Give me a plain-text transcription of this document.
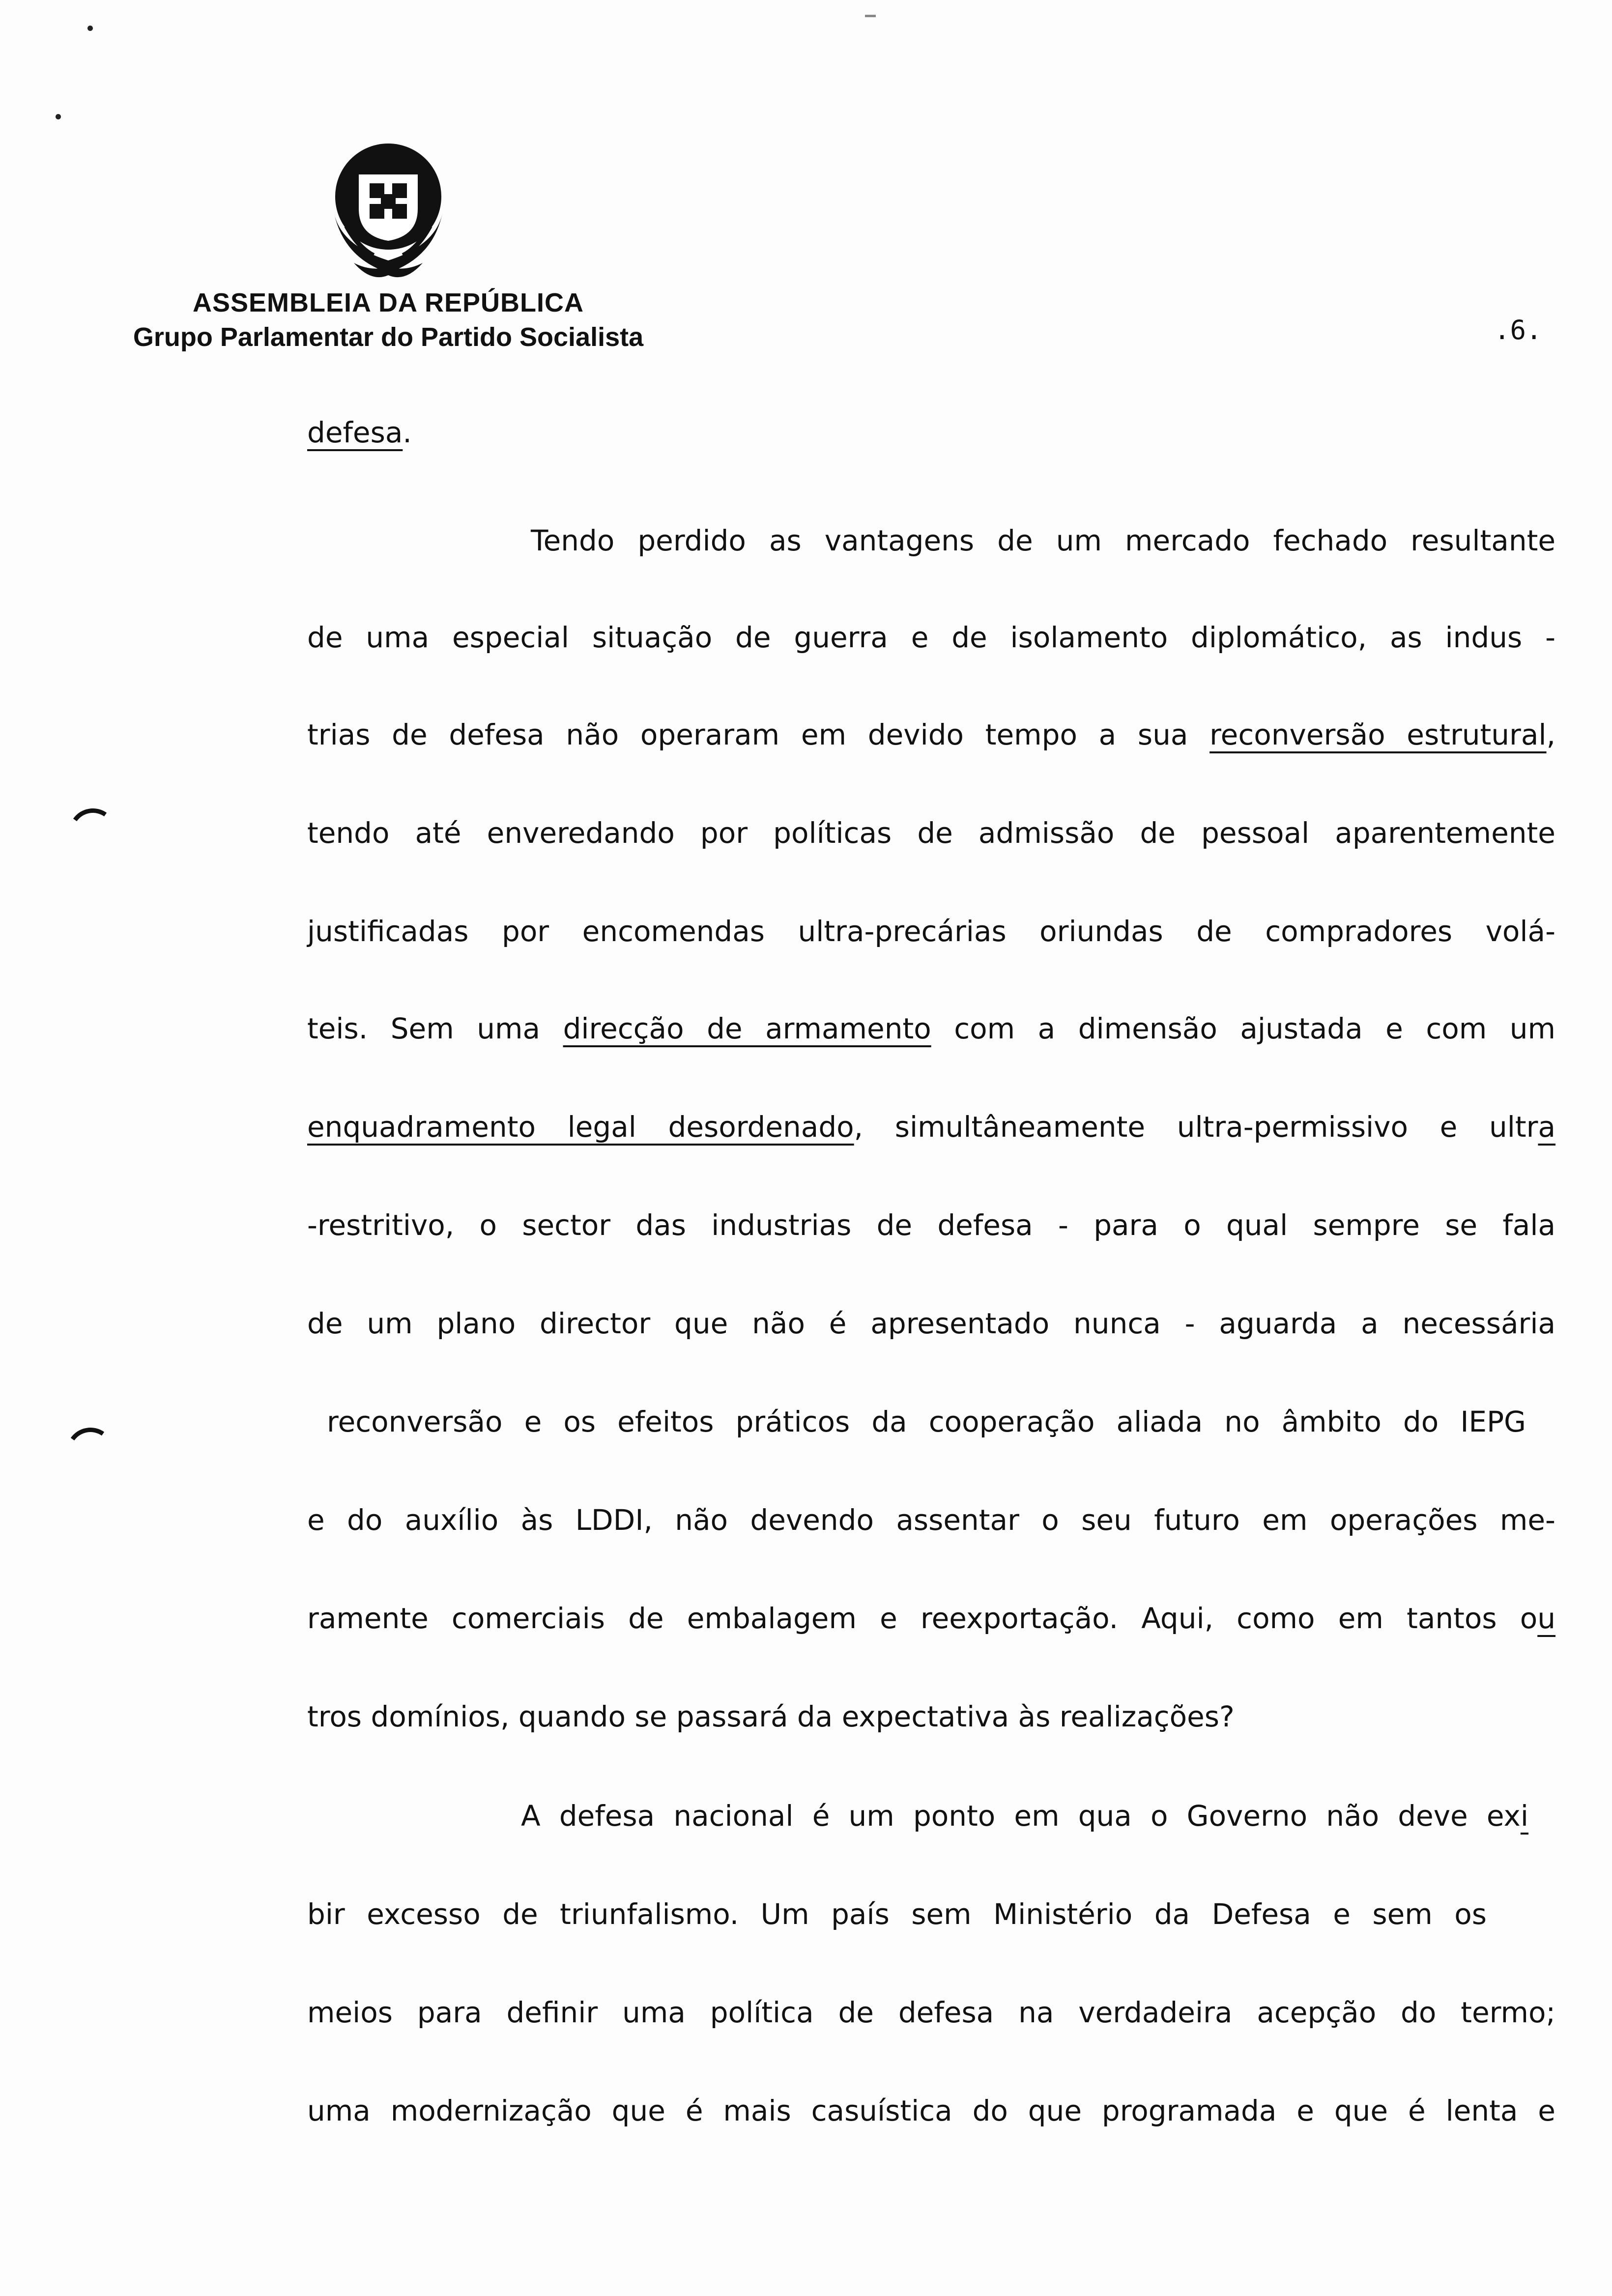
ASSEMBLEIA DA REPÚBLICA
Grupo Parlamentar do Partido Socialista	.6.
defesa.
Tendo perdido as vantagens de um mercado fechado resultante
de uma especial situação de guerra e de isolamento diplomático, as indus -
trias de defesa não operaram em devido tempo a sua reconversão estrutural,
tendo até enveredando por políticas de admissão de pessoal aparentemente
justificadas por encomendas ultra-precárias oriundas de compradores volá-
teis. Sem uma direcção de armamento com a dimensão ajustada e com um
enquadramento legal desordenado, simultâneamente ultra-permissivo e ultra
-restritivo, o sector das industrias de defesa - para o qual sempre se fala
de um plano director que não é apresentado nunca - aguarda a necessária
reconversão e os efeitos práticos da cooperação aliada no âmbito do IEPG
e do auxílio às LDDI, não devendo assentar o seu futuro em operações me-
ramente comerciais de embalagem e reexportação. Aqui, como em tantos ou
tros domínios, quando se passará da expectativa às realizações?
A defesa nacional é um ponto em qua o Governo não deve exi
bir excesso de triunfalismo. Um país sem Ministério da Defesa e sem os
meios para definir uma política de defesa na verdadeira acepção do termo;
uma modernização que é mais casuística do que programada e que é lenta e
